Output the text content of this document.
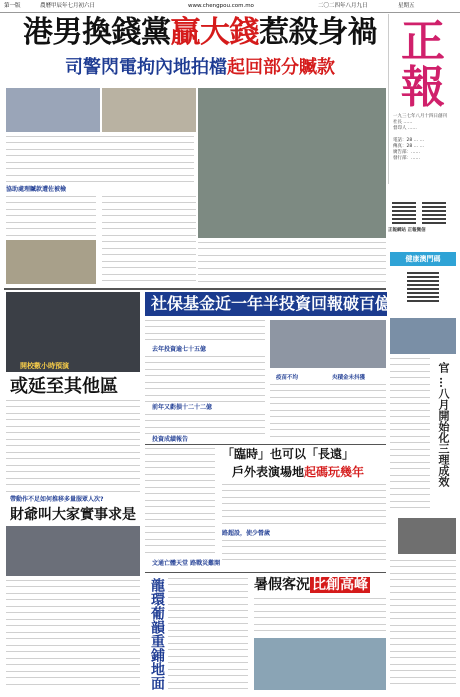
第一版	農曆甲辰年七月初六日	www.chengpou.com.mo	二〇二四年八月九日	星期五
港男換錢黨贏大錢惹殺身禍
司警閃電拘內地拍檔起回部分贓款
正
報
一九三七年八月十四日創刊
社長 ……
督印人 ……
電話：28 … …
傳真：28 … …
廣告部：……
發行部：……
正報網站 正報微信
健康澳門碼
官 …八月開始化三理成效
協助處理贓款遭佐被檢
開校數小時預演
或延至其他區
帶動作不足如何推移多量服眾人次?
財爺叫大家實事求是
社保基金近一年半投資回報破百億
去年投資逾七十五億
前年又虧損十二十二億
投資成績報告
疫苗不均	央積金未抖獲
「臨時」也可以「長遠」
戶外表演場地起碼玩幾年
路超設，使少營歲
文通亡體天堂 路戰災難開
龍環葡韻重鋪地面	暑假客況 比創高峰
